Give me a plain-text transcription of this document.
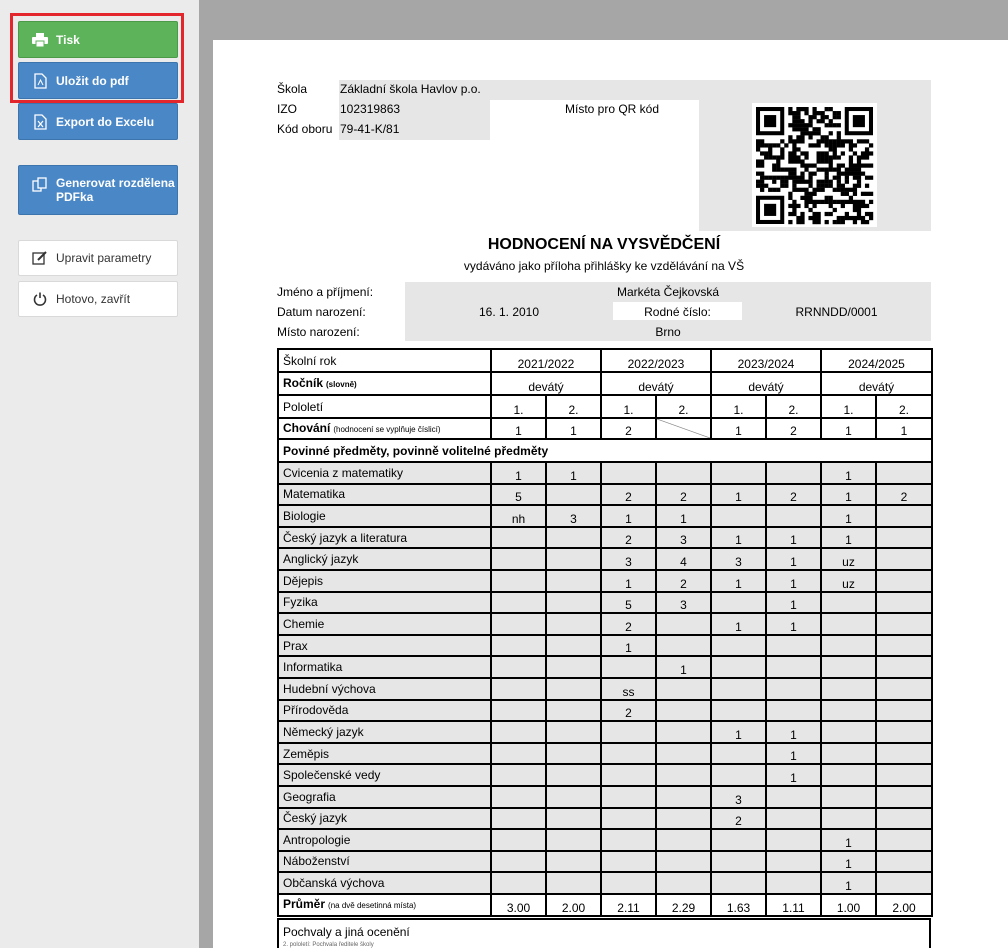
Tisk
Uložit do pdf
Export do Excelu
Generovat rozdělena PDFka
Upravit parametry
Hotovo, zavřít
Škola	Základní škola Havlov p.o.
IZO	102319863
Kód oboru 79-41-K/81
Místo pro QR kód
HODNOCENÍ NA VYSVĚDČENÍ
vydáváno jako příloha přihlášky ke vzdělávání na VŠ
Jméno a příjmení:	Markéta Čejkovská
Datum narození:	16. 1. 2010	Rodné číslo:	RRNNDD/0001
Místo narození:	Brno
Školní rok	2021/2022		2022/2023		2023/2024		2024/2025	
Ročník (slovně)	devátý		devátý		devátý		devátý	
Pololetí	1.	2.	1.	2.	1.	2.	1.	2.
Chování (hodnocení se vyplňuje číslicí)	1	1	2		1	2	1	1
Povinné předměty, povinně volitelné předměty								
Cvicenia z matematiky	1	1					1	
Matematika	5		2	2	1	2	1	2
Biologie	nh	3	1	1			1	
Český jazyk a literatura			2	3	1	1	1	
Anglický jazyk			3	4	3	1	uz	
Dějepis			1	2	1	1	uz	
Fyzika			5	3		1		
Chemie			2		1	1		
Prax			1					
Informatika				1				
Hudební výchova			ss					
Přírodověda			2					
Německý jazyk					1	1		
Zeměpis						1		
Společenské vedy						1		
Geografia					3			
Český jazyk					2			
Antropologie							1	
Náboženství							1	
Občanská výchova							1	
Průměr (na dvě desetinná místa)	3.00	2.00	2.11	2.29	1.63	1.11	1.00	2.00
Pochvaly a jiná ocenění
2. pololetí: Pochvala ředitele školy
